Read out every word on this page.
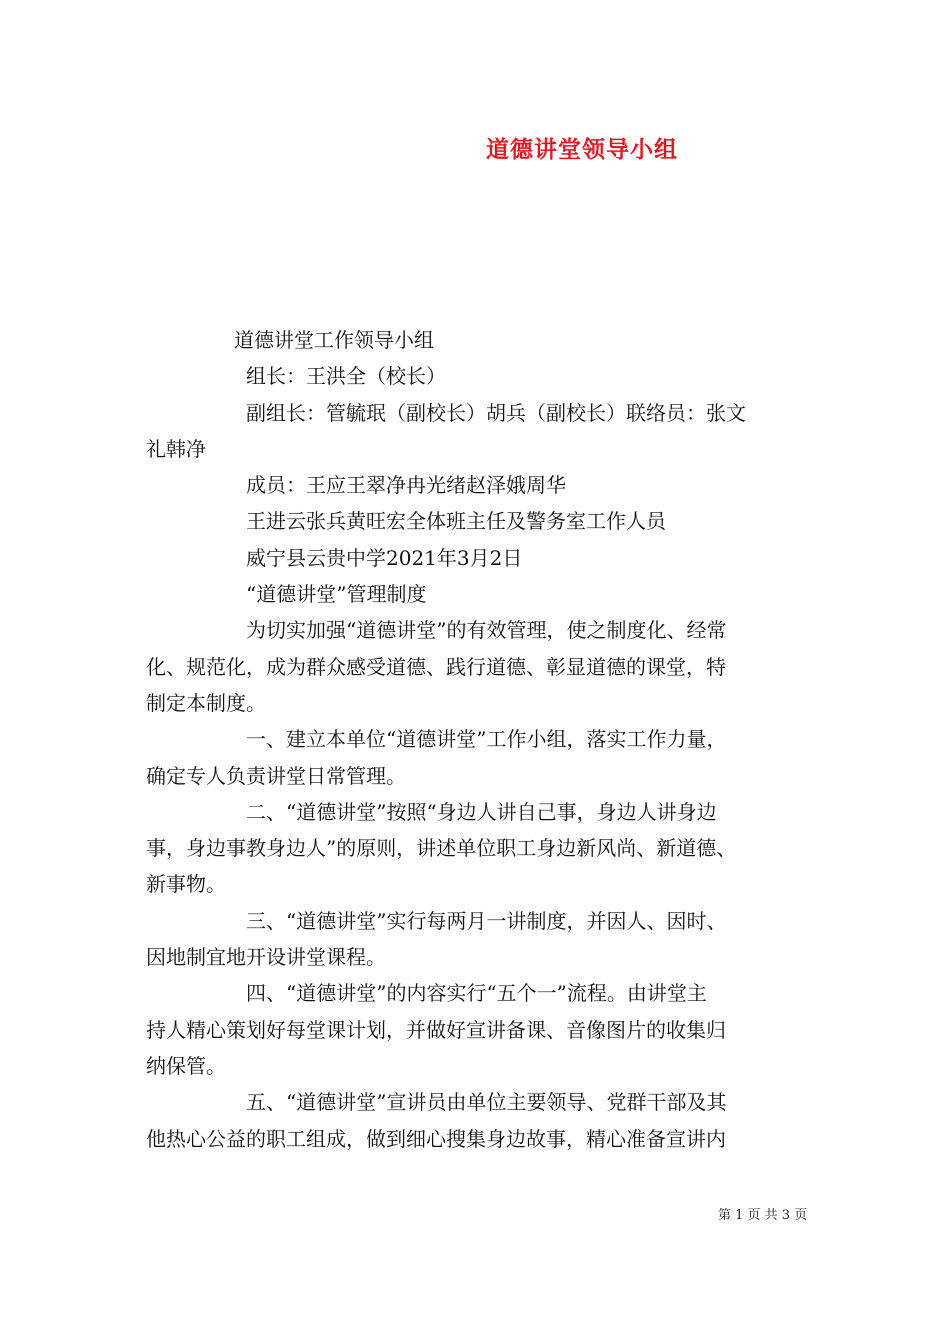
道德讲堂领导小组
道德讲堂工作领导小组
组长：王洪全（校长）
副组长：管毓珉（副校长）胡兵（副校长）联络员：张文
礼韩净
成员：王应王翠净冉光绪赵泽娥周华
王进云张兵黄旺宏全体班主任及警务室工作人员
威宁县云贵中学2021年3月2日
“道德讲堂”管理制度
为切实加强“道德讲堂”的有效管理，使之制度化、经常
化、规范化，成为群众感受道德、践行道德、彰显道德的课堂，特
制定本制度。
一、建立本单位“道德讲堂”工作小组，落实工作力量，
确定专人负责讲堂日常管理。
二、“道德讲堂”按照“身边人讲自己事，身边人讲身边
事，身边事教身边人”的原则，讲述单位职工身边新风尚、新道德、
新事物。
三、“道德讲堂”实行每两月一讲制度，并因人、因时、
因地制宜地开设讲堂课程。
四、“道德讲堂”的内容实行“五个一”流程。由讲堂主
持人精心策划好每堂课计划，并做好宣讲备课、音像图片的收集归
纳保管。
五、“道德讲堂”宣讲员由单位主要领导、党群干部及其
他热心公益的职工组成，做到细心搜集身边故事，精心准备宣讲内
第 1 页 共 3 页
